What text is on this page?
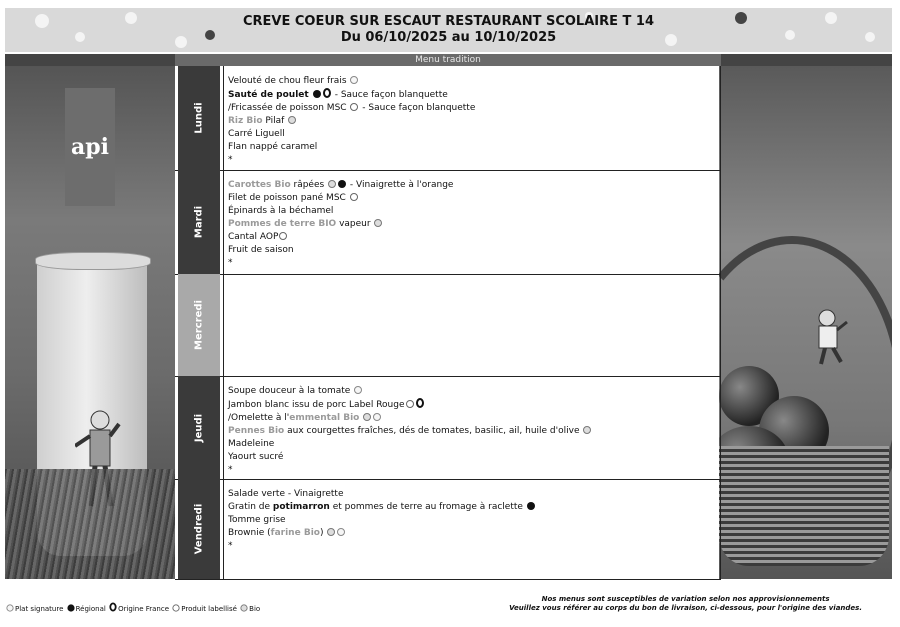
CREVE COEUR SUR ESCAUT RESTAURANT SCOLAIRE T 14
Du 06/10/2025 au 10/10/2025
Menu tradition
api
Lundi
Velouté de chou fleur frais
Sauté de poulet  - Sauce façon blanquette
/Fricassée de poisson MSC  - Sauce façon blanquette
Riz Bio Pilaf
Carré Liguell
Flan nappé caramel
*
Mardi
Carottes Bio râpées  - Vinaigrette à l'orange
Filet de poisson pané MSC
Épinards à la béchamel
Pommes de terre BIO vapeur
Cantal AOP
Fruit de saison
*
Mercredi
Jeudi
Soupe douceur à la tomate
Jambon blanc issu de porc Label Rouge
/Omelette à l'emmental Bio
Pennes Bio aux courgettes fraîches, dés de tomates, basilic, ail, huile d'olive
Madeleine
Yaourt sucré
*
Vendredi
Salade verte - Vinaigrette
Gratin de potimarron et pommes de terre au fromage à raclette
Tomme grise
Brownie (farine Bio)
*
Plat signature Régional Origine France Produit labellisé Bio
Nos menus sont susceptibles de variation selon nos approvisionnements
Veuillez vous référer au corps du bon de livraison, ci-dessous, pour l'origine des viandes.
